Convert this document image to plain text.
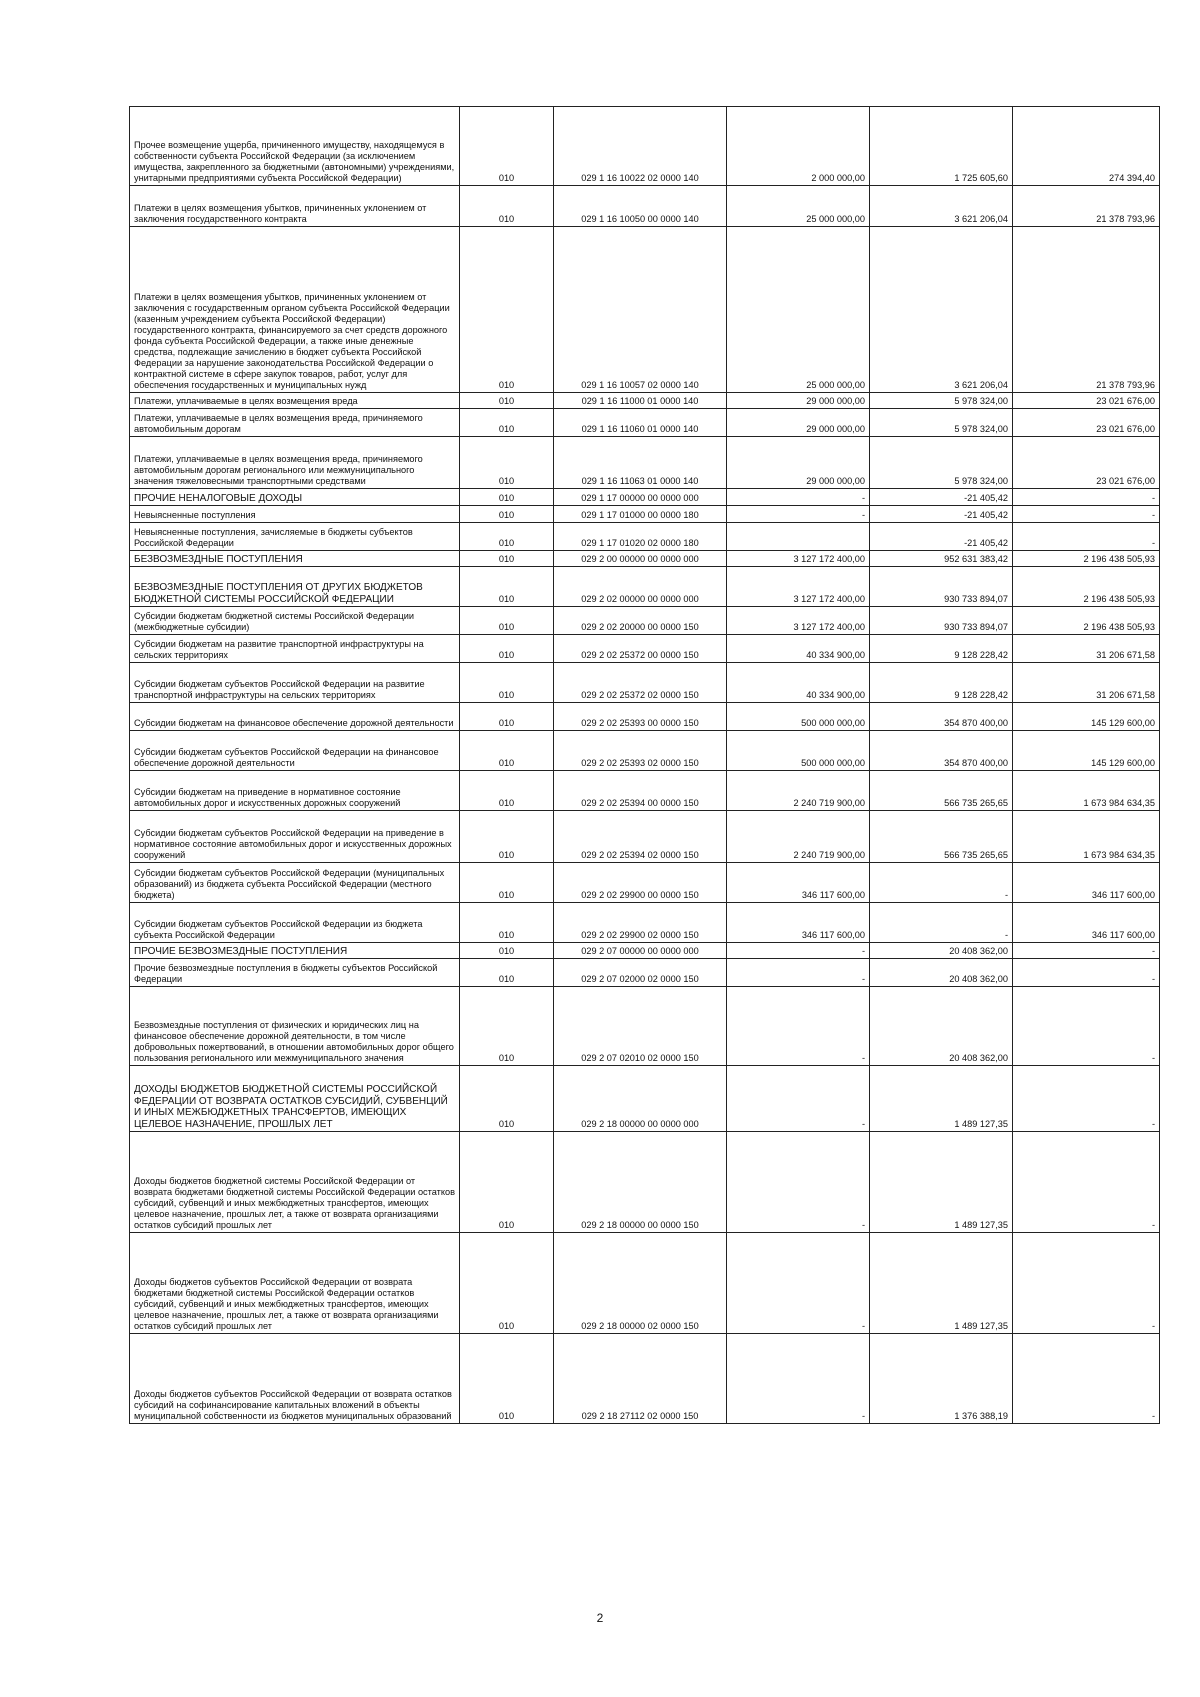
Прочее возмещение ущерба, причиненного имуществу, находящемуся в собственности субъекта Российской Федерации (за исключением имущества, закрепленного за бюджетными (автономными) учреждениями, унитарными предприятиями субъекта Российской Федерации)	010	029 1 16 10022 02 0000 140	2 000 000,00	1 725 605,60	274 394,40
Платежи в целях возмещения убытков, причиненных уклонением от заключения государственного контракта	010	029 1 16 10050 00 0000 140	25 000 000,00	3 621 206,04	21 378 793,96
Платежи в целях возмещения убытков, причиненных уклонением от заключения с государственным органом субъекта Российской Федерации (казенным учреждением субъекта Российской Федерации) государственного контракта, финансируемого за счет средств дорожного фонда субъекта Российской Федерации, а также иные денежные средства, подлежащие зачислению в бюджет субъекта Российской Федерации за нарушение законодательства Российской Федерации о контрактной системе в сфере закупок товаров, работ, услуг для обеспечения государственных и муниципальных нужд	010	029 1 16 10057 02 0000 140	25 000 000,00	3 621 206,04	21 378 793,96
Платежи, уплачиваемые в целях возмещения вреда	010	029 1 16 11000 01 0000 140	29 000 000,00	5 978 324,00	23 021 676,00
Платежи, уплачиваемые в целях возмещения вреда, причиняемого автомобильным дорогам	010	029 1 16 11060 01 0000 140	29 000 000,00	5 978 324,00	23 021 676,00
Платежи, уплачиваемые в целях возмещения вреда, причиняемого автомобильным дорогам регионального или межмуниципального значения тяжеловесными транспортными средствами	010	029 1 16 11063 01 0000 140	29 000 000,00	5 978 324,00	23 021 676,00
ПРОЧИЕ НЕНАЛОГОВЫЕ ДОХОДЫ	010	029 1 17 00000 00 0000 000	-	-21 405,42	-
Невыясненные поступления	010	029 1 17 01000 00 0000 180	-	-21 405,42	-
Невыясненные поступления, зачисляемые в бюджеты субъектов Российской Федерации	010	029 1 17 01020 02 0000 180		-21 405,42	-
БЕЗВОЗМЕЗДНЫЕ ПОСТУПЛЕНИЯ	010	029 2 00 00000 00 0000 000	3 127 172 400,00	952 631 383,42	2 196 438 505,93
БЕЗВОЗМЕЗДНЫЕ ПОСТУПЛЕНИЯ ОТ ДРУГИХ БЮДЖЕТОВ БЮДЖЕТНОЙ СИСТЕМЫ РОССИЙСКОЙ ФЕДЕРАЦИИ	010	029 2 02 00000 00 0000 000	3 127 172 400,00	930 733 894,07	2 196 438 505,93
Субсидии бюджетам бюджетной системы Российской Федерации (межбюджетные субсидии)	010	029 2 02 20000 00 0000 150	3 127 172 400,00	930 733 894,07	2 196 438 505,93
Субсидии бюджетам на развитие транспортной инфраструктуры на сельских территориях	010	029 2 02 25372 00 0000 150	40 334 900,00	9 128 228,42	31 206 671,58
Субсидии бюджетам субъектов Российской Федерации на развитие транспортной инфраструктуры на сельских территориях	010	029 2 02 25372 02 0000 150	40 334 900,00	9 128 228,42	31 206 671,58
Субсидии бюджетам на финансовое обеспечение дорожной деятельности	010	029 2 02 25393 00 0000 150	500 000 000,00	354 870 400,00	145 129 600,00
Субсидии бюджетам субъектов Российской Федерации на финансовое обеспечение дорожной деятельности	010	029 2 02 25393 02 0000 150	500 000 000,00	354 870 400,00	145 129 600,00
Субсидии бюджетам на приведение в нормативное состояние автомобильных дорог и искусственных дорожных сооружений	010	029 2 02 25394 00 0000 150	2 240 719 900,00	566 735 265,65	1 673 984 634,35
Субсидии бюджетам субъектов Российской Федерации на приведение в нормативное состояние автомобильных дорог и искусственных дорожных сооружений	010	029 2 02 25394 02 0000 150	2 240 719 900,00	566 735 265,65	1 673 984 634,35
Субсидии бюджетам субъектов Российской Федерации (муниципальных образований) из бюджета субъекта Российской Федерации (местного бюджета)	010	029 2 02 29900 00 0000 150	346 117 600,00	-	346 117 600,00
Субсидии бюджетам субъектов Российской Федерации из бюджета субъекта Российской Федерации	010	029 2 02 29900 02 0000 150	346 117 600,00	-	346 117 600,00
ПРОЧИЕ БЕЗВОЗМЕЗДНЫЕ ПОСТУПЛЕНИЯ	010	029 2 07 00000 00 0000 000	-	20 408 362,00	-
Прочие безвозмездные поступления в бюджеты субъектов Российской Федерации	010	029 2 07 02000 02 0000 150	-	20 408 362,00	-
Безвозмездные поступления от физических и юридических лиц на финансовое обеспечение дорожной деятельности, в том числе добровольных пожертвований, в отношении автомобильных дорог общего пользования регионального или межмуниципального значения	010	029 2 07 02010 02 0000 150	-	20 408 362,00	-
ДОХОДЫ БЮДЖЕТОВ БЮДЖЕТНОЙ СИСТЕМЫ РОССИЙСКОЙ ФЕДЕРАЦИИ ОТ ВОЗВРАТА ОСТАТКОВ СУБСИДИЙ, СУБВЕНЦИЙ И ИНЫХ МЕЖБЮДЖЕТНЫХ ТРАНСФЕРТОВ, ИМЕЮЩИХ ЦЕЛЕВОЕ НАЗНАЧЕНИЕ, ПРОШЛЫХ ЛЕТ	010	029 2 18 00000 00 0000 000	-	1 489 127,35	-
Доходы бюджетов бюджетной системы Российской Федерации от возврата бюджетами бюджетной системы Российской Федерации остатков субсидий, субвенций и иных межбюджетных трансфертов, имеющих целевое назначение, прошлых лет, а также от возврата организациями остатков субсидий прошлых лет	010	029 2 18 00000 00 0000 150	-	1 489 127,35	-
Доходы бюджетов субъектов Российской Федерации от возврата бюджетами бюджетной системы Российской Федерации остатков субсидий, субвенций и иных межбюджетных трансфертов, имеющих целевое назначение, прошлых лет, а также от возврата организациями остатков субсидий прошлых лет	010	029 2 18 00000 02 0000 150	-	1 489 127,35	-
Доходы бюджетов субъектов Российской Федерации от возврата остатков субсидий на софинансирование капитальных вложений в объекты муниципальной собственности из бюджетов муниципальных образований	010	029 2 18 27112 02 0000 150	-	1 376 388,19	-
2
